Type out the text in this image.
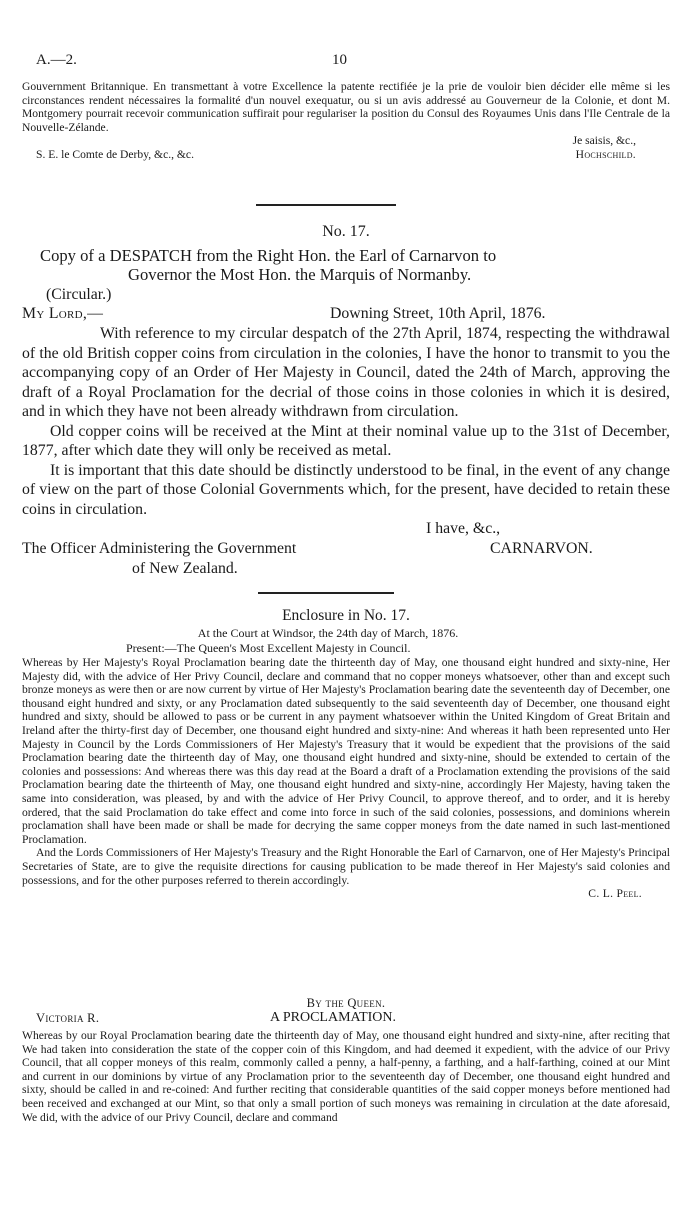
A.—2.	10

Gouvernment Britannique. En transmettant à votre Excellence la patente rectifiée je la prie de vouloir bien décider elle même si les circonstances rendent nécessaires la formalité d'un nouvel exequatur, ou si un avis addressé au Gouverneur de la Colonie, et dont M. Montgomery pourrait recevoir communication suffirait pour regulariser la position du Consul des Royaumes Unis dans l'Ile Centrale de la Nouvelle-Zélande.

Je saisis, &c.,

S. E. le Comte de Derby, &c., &c.	Hochschild.

No. 17.

Copy of a DESPATCH from the Right Hon. the Earl of Carnarvon to

Governor the Most Hon. the Marquis of Normanby.

(Circular.)

My Lord,—	Downing Street, 10th April, 1876.

With reference to my circular despatch of the 27th April, 1874, respecting the withdrawal of the old British copper coins from circulation in the colonies, I have the honor to transmit to you the accompanying copy of an Order of Her Majesty in Council, dated the 24th of March, approving the draft of a Royal Proclamation for the decrial of those coins in those colonies in which it is desired, and in which they have not been already withdrawn from circulation.

Old copper coins will be received at the Mint at their nominal value up to the 31st of December, 1877, after which date they will only be received as metal.

It is important that this date should be distinctly understood to be final, in the event of any change of view on the part of those Colonial Governments which, for the present, have decided to retain these coins in circulation.

I have, &c.,

The Officer Administering the Government
of New Zealand.
CARNARVON.

Enclosure in No. 17.

At the Court at Windsor, the 24th day of March, 1876.

Present:—The Queen's Most Excellent Majesty in Council.

Whereas by Her Majesty's Royal Proclamation bearing date the thirteenth day of May, one thousand eight hundred and sixty-nine, Her Majesty did, with the advice of Her Privy Council, declare and command that no copper moneys whatsoever, other than and except such bronze moneys as were then or are now current by virtue of Her Majesty's Proclamation bearing date the seventeenth day of December, one thousand eight hundred and sixty, or any Proclamation dated subsequently to the said seventeenth day of December, one thousand eight hundred and sixty, should be allowed to pass or be current in any payment whatsoever within the United Kingdom of Great Britain and Ireland after the thirty-first day of December, one thousand eight hundred and sixty-nine: And whereas it hath been represented unto Her Majesty in Council by the Lords Commissioners of Her Majesty's Treasury that it would be expedient that the provisions of the said Proclamation bearing date the thirteenth day of May, one thousand eight hundred and sixty-nine, should be extended to certain of the colonies and possessions: And whereas there was this day read at the Board a draft of a Proclamation extending the provisions of the said Proclamation bearing date the thirteenth of May, one thousand eight hundred and sixty-nine, accordingly Her Majesty, having taken the same into consideration, was pleased, by and with the advice of Her Privy Council, to approve thereof, and to order, and it is hereby ordered, that the said Proclamation do take effect and come into force in such of the said colonies, possessions, and dominions wherein proclamation shall have been made or shall be made for decrying the same copper moneys from the date named in such last-mentioned Proclamation.

And the Lords Commissioners of Her Majesty's Treasury and the Right Honorable the Earl of Carnarvon, one of Her Majesty's Principal Secretaries of State, are to give the requisite directions for causing publication to be made thereof in Her Majesty's said colonies and possessions, and for the other purposes referred to therein accordingly.

C. L. Peel.

By the Queen.

Victoria R.	A PROCLAMATION.

Whereas by our Royal Proclamation bearing date the thirteenth day of May, one thousand eight hundred and sixty-nine, after reciting that We had taken into consideration the state of the copper coin of this Kingdom, and had deemed it expedient, with the advice of our Privy Council, that all copper moneys of this realm, commonly called a penny, a half-penny, a farthing, and a half-farthing, coined at our Mint and current in our dominions by virtue of any Proclamation prior to the seventeenth day of December, one thousand eight hundred and sixty, should be called in and re-coined: And further reciting that considerable quantities of the said copper moneys before mentioned had been received and exchanged at our Mint, so that only a small portion of such moneys was remaining in circulation at the date aforesaid, We did, with the advice of our Privy Council, declare and command
